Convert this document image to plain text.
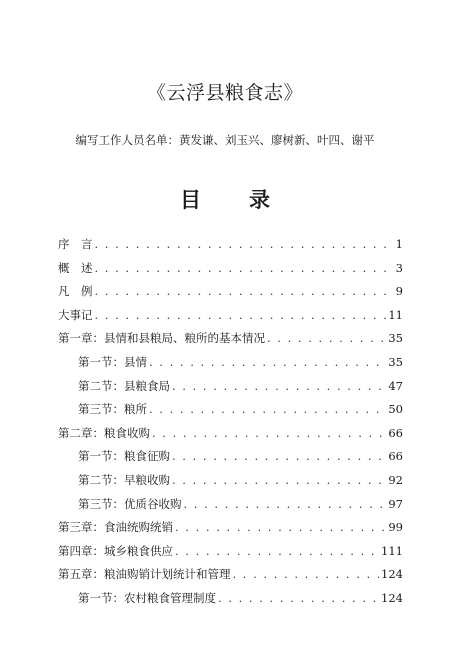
《云浮县粮食志》
编写工作人员名单：黄发谦、刘玉兴、廖树新、叶四、谢平
目 录
序　言 . . .	1
概　述 . . .	3
凡　例 . . .	9
大事记 . . .	11
第一章：县情和县粮局、粮所的基本情况 . . .	35
第一节：县情 . . .	35
第二节：县粮食局 . . .	47
第三节：粮所 . . .	50
第二章：粮食收购 . . .	66
第一节：粮食征购 . . .	66
第二节：早粮收购 . . .	92
第三节：优质谷收购 . . .	97
第三章：食油统购统销 . . .	99
第四章：城乡粮食供应 . . .	111
第五章：粮油购销计划统计和管理 . . .	124
第一节：农村粮食管理制度 . . .	124
